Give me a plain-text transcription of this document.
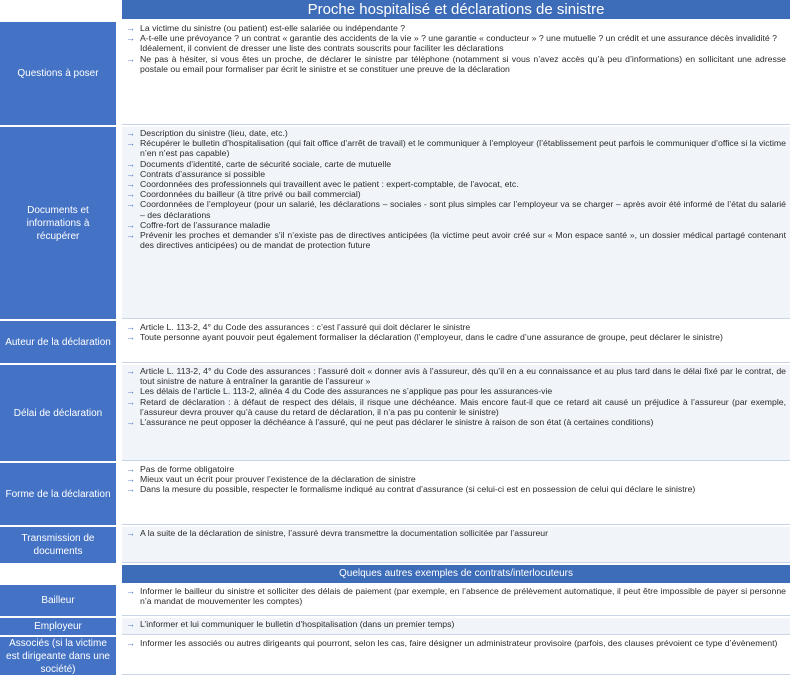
Proche hospitalisé et déclarations de sinistre
Questions à poser
→ La victime du sinistre (ou patient) est-elle salariée ou indépendante ?
→ A-t-elle une prévoyance ? un contrat « garantie des accidents de la vie » ? une garantie « conducteur » ? une mutuelle ? un crédit et une assurance décès invalidité ?
Idéalement, il convient de dresser une liste des contrats souscrits pour faciliter les déclarations
→ Ne pas à hésiter, si vous êtes un proche, de déclarer le sinistre par téléphone (notamment si vous n’avez accès qu’à peu d’informations) en sollicitant une adresse postale ou email pour formaliser par écrit le sinistre et se constituer une preuve de la déclaration
Documents et informations à récupérer
→ Description du sinistre (lieu, date, etc.)
→ Récupérer le bulletin d’hospitalisation (qui fait office d’arrêt de travail) et le communiquer à l’employeur (l’établissement peut parfois le communiquer d’office si la victime n’en n’est pas capable)
→ Documents d’identité, carte de sécurité sociale, carte de mutuelle
→ Contrats d’assurance si possible
→ Coordonnées des professionnels qui travaillent avec le patient : expert-comptable, de l’avocat, etc.
→ Coordonnées du bailleur (à titre privé ou bail commercial)
→ Coordonnées de l’employeur (pour un salarié, les déclarations – sociales - sont plus simples car l’employeur va se charger – après avoir été informé de l’état du salarié – des déclarations
→ Coffre-fort de l’assurance maladie
→ Prévenir les proches et demander s’il n’existe pas de directives anticipées (la victime peut avoir créé sur « Mon espace santé », un dossier médical partagé contenant des directives anticipées) ou de mandat de protection future
Auteur de la déclaration
→ Article L. 113-2, 4° du Code des assurances : c’est l’assuré qui doit déclarer le sinistre
→ Toute personne ayant pouvoir peut également formaliser la déclaration (l’employeur, dans le cadre d’une assurance de groupe, peut déclarer le sinistre)
Délai de déclaration
→ Article L. 113-2, 4° du Code des assurances : l’assuré doit « donner avis à l’assureur, dès qu’il en a eu connaissance et au plus tard dans le délai fixé par le contrat, de tout sinistre de nature à entraîner la garantie de l’assureur »
→ Les délais de l’article L. 113-2, alinéa 4 du Code des assurances ne s’applique pas pour les assurances-vie
→ Retard de déclaration : à défaut de respect des délais, il risque une déchéance. Mais encore faut-il que ce retard ait causé un préjudice à l’assureur (par exemple, l’assureur devra prouver qu’à cause du retard de déclaration, il n’a pas pu contenir le sinistre)
→ L’assurance ne peut opposer la déchéance à l’assuré, qui ne peut pas déclarer le sinistre à raison de son état (à certaines conditions)
Forme de la déclaration
→ Pas de forme obligatoire
→ Mieux vaut un écrit pour prouver l’existence de la déclaration de sinistre
→ Dans la mesure du possible, respecter le formalisme indiqué au contrat d’assurance (si celui-ci est en possession de celui qui déclare le sinistre)
Transmission de documents
→ A la suite de la déclaration de sinistre, l’assuré devra transmettre la documentation sollicitée par l’assureur
Quelques autres exemples de contrats/interlocuteurs
Bailleur
→ Informer le bailleur du sinistre et solliciter des délais de paiement (par exemple, en l’absence de prélèvement automatique, il peut être impossible de payer si personne n’a mandat de mouvementer les comptes)
Employeur	→ L’informer et lui communiquer le bulletin d’hospitalisation (dans un premier temps)
Associés (si la victime est dirigeante dans une société)
→ Informer les associés ou autres dirigeants qui pourront, selon les cas, faire désigner un administrateur provisoire (parfois, des clauses prévoient ce type d’évènement)
